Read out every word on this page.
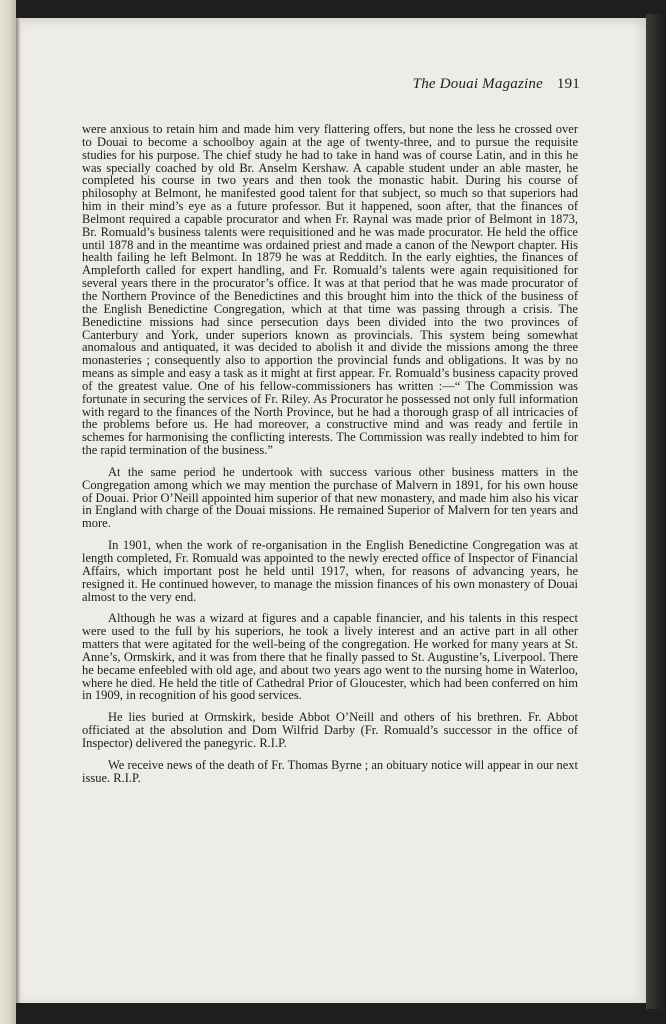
The Douai Magazine 191

were anxious to retain him and made him very flattering offers, but none the less he crossed over to Douai to become a schoolboy again at the age of twenty-three, and to pursue the requisite studies for his purpose. The chief study he had to take in hand was of course Latin, and in this he was specially coached by old Br. Anselm Kershaw. A capable student under an able master, he completed his course in two years and then took the monastic habit. During his course of philosophy at Belmont, he manifested good talent for that subject, so much so that superiors had him in their mind’s eye as a future professor. But it happened, soon after, that the finances of Belmont required a capable procurator and when Fr. Raynal was made prior of Belmont in 1873, Br. Romuald’s business talents were requisitioned and he was made procurator. He held the office until 1878 and in the meantime was ordained priest and made a canon of the Newport chapter. His health failing he left Belmont. In 1879 he was at Redditch. In the early eighties, the finances of Ampleforth called for expert handling, and Fr. Romuald’s talents were again requisitioned for several years there in the procurator’s office. It was at that period that he was made procurator of the Northern Province of the Benedictines and this brought him into the thick of the business of the English Benedictine Congregation, which at that time was passing through a crisis. The Benedictine missions had since persecution days been divided into the two provinces of Canterbury and York, under superiors known as provincials. This system being somewhat anomalous and antiquated, it was decided to abolish it and divide the missions among the three monasteries ; consequently also to apportion the provincial funds and obligations. It was by no means as simple and easy a task as it might at first appear. Fr. Romuald’s business capacity proved of the greatest value. One of his fellow-commissioners has written :—“ The Commission was fortunate in securing the services of Fr. Riley. As Procurator he possessed not only full information with regard to the finances of the North Province, but he had a thorough grasp of all intricacies of the problems before us. He had moreover, a constructive mind and was ready and fertile in schemes for harmonising the conflicting interests. The Commission was really indebted to him for the rapid termination of the business.”

At the same period he undertook with success various other business matters in the Congregation among which we may mention the purchase of Malvern in 1891, for his own house of Douai. Prior O’Neill appointed him superior of that new monastery, and made him also his vicar in England with charge of the Douai missions. He remained Superior of Malvern for ten years and more.

In 1901, when the work of re-organisation in the English Benedictine Congregation was at length completed, Fr. Romuald was appointed to the newly erected office of Inspector of Financial Affairs, which important post he held until 1917, when, for reasons of advancing years, he resigned it. He continued however, to manage the mission finances of his own monastery of Douai almost to the very end.

Although he was a wizard at figures and a capable financier, and his talents in this respect were used to the full by his superiors, he took a lively interest and an active part in all other matters that were agitated for the well-being of the congregation. He worked for many years at St. Anne’s, Ormskirk, and it was from there that he finally passed to St. Augustine’s, Liverpool. There he became enfeebled with old age, and about two years ago went to the nursing home in Waterloo, where he died. He held the title of Cathedral Prior of Gloucester, which had been conferred on him in 1909, in recognition of his good services.

He lies buried at Ormskirk, beside Abbot O’Neill and others of his brethren. Fr. Abbot officiated at the absolution and Dom Wilfrid Darby (Fr. Romuald’s successor in the office of Inspector) delivered the panegyric. R.I.P.

We receive news of the death of Fr. Thomas Byrne ; an obituary notice will appear in our next issue. R.I.P.
